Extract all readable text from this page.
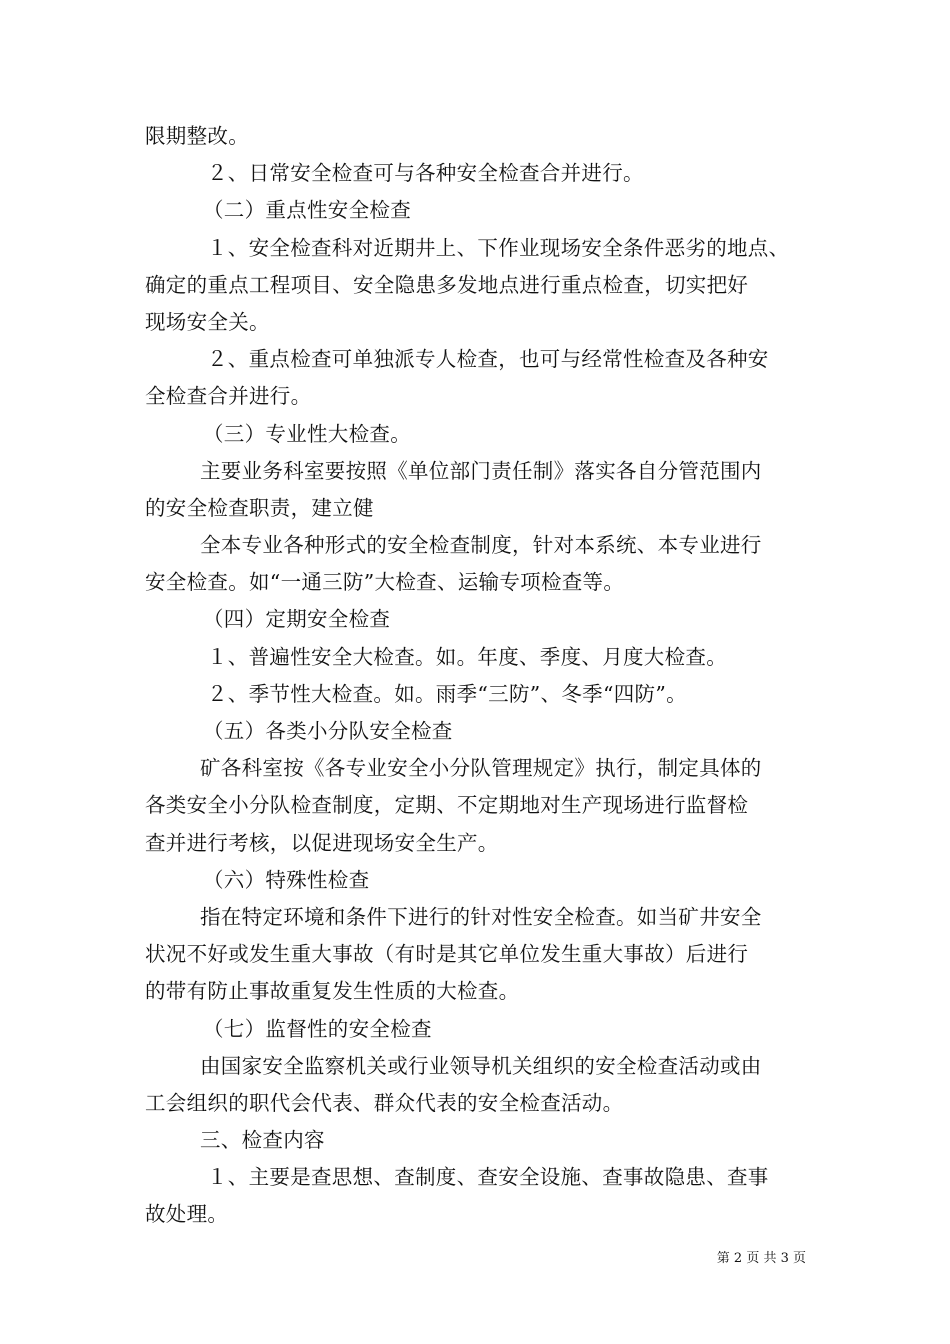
限期整改。
２、日常安全检查可与各种安全检查合并进行。
（二）重点性安全检查
１、安全检查科对近期井上、下作业现场安全条件恶劣的地点、
确定的重点工程项目、安全隐患多发地点进行重点检查，切实把好
现场安全关。
２、重点检查可单独派专人检查，也可与经常性检查及各种安
全检查合并进行。
（三）专业性大检查。
主要业务科室要按照《单位部门责任制》落实各自分管范围内
的安全检查职责，建立健
全本专业各种形式的安全检查制度，针对本系统、本专业进行
安全检查。如“一通三防”大检查、运输专项检查等。
（四）定期安全检查
１、普遍性安全大检查。如。年度、季度、月度大检查。
２、季节性大检查。如。雨季“三防”、冬季“四防”。
（五）各类小分队安全检查
矿各科室按《各专业安全小分队管理规定》执行，制定具体的
各类安全小分队检查制度，定期、不定期地对生产现场进行监督检
查并进行考核，以促进现场安全生产。
（六）特殊性检查
指在特定环境和条件下进行的针对性安全检查。如当矿井安全
状况不好或发生重大事故（有时是其它单位发生重大事故）后进行
的带有防止事故重复发生性质的大检查。
（七）监督性的安全检查
由国家安全监察机关或行业领导机关组织的安全检查活动或由
工会组织的职代会代表、群众代表的安全检查活动。
三、检查内容
１、主要是查思想、查制度、查安全设施、查事故隐患、查事
故处理。
第 2 页 共 3 页
